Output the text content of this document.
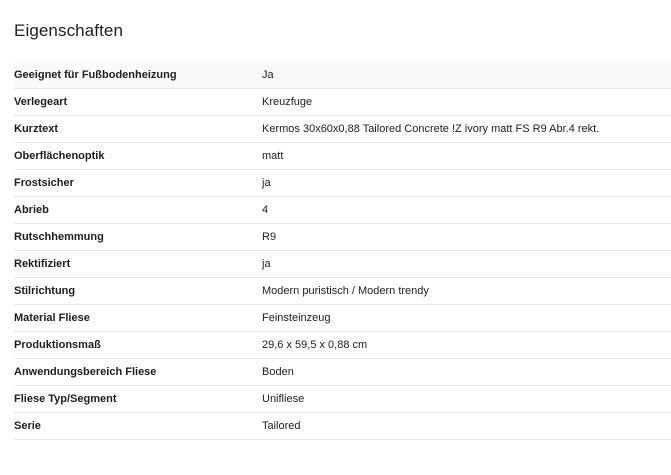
Eigenschaften
Geeignet für Fußbodenheizung	Ja
Verlegeart	Kreuzfuge
Kurztext	Kermos 30x60x0,88 Tailored Concrete !Z ivory matt FS R9 Abr.4 rekt.
Oberflächenoptik	matt
Frostsicher	ja
Abrieb	4
Rutschhemmung	R9
Rektifiziert	ja
Stilrichtung	Modern puristisch / Modern trendy
Material Fliese	Feinsteinzeug
Produktionsmaß	29,6 x 59,5 x 0,88 cm
Anwendungsbereich Fliese	Boden
Fliese Typ/Segment	Unifliese
Serie	Tailored
